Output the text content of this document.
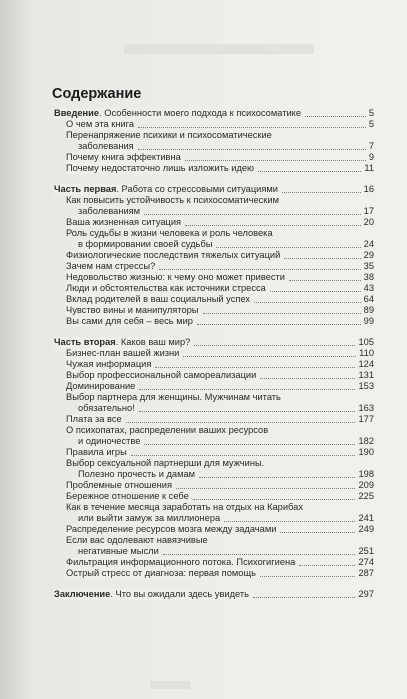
Содержание
Введение. Особенности моего подхода к психосоматике	5
О чем эта книга	5
Перенапряжение психики и психосоматические
заболевания	7
Почему книга эффективна	9
Почему недостаточно лишь изложить идею	11
Часть первая. Работа со стрессовыми ситуациями	16
Как повысить устойчивость к психосоматическим
заболеваниям	17
Ваша жизненная ситуация	20
Роль судьбы в жизни человека и роль человека
в формировании своей судьбы	24
Физиологические последствия тяжелых ситуаций	29
Зачем нам стрессы?	35
Недовольство жизнью: к чему оно может привести	38
Люди и обстоятельства как источники стресса	43
Вклад родителей в ваш социальный успех	64
Чувство вины и манипуляторы	89
Вы сами для себя – весь мир	99
Часть вторая. Каков ваш мир?	105
Бизнес-план вашей жизни	110
Чужая информация	124
Выбор профессиональной самореализации	131
Доминирование	153
Выбор партнера для женщины. Мужчинам читать
обязательно!	163
Плата за все	177
О психопатах, распределении ваших ресурсов
и одиночестве	182
Правила игры	190
Выбор сексуальной партнерши для мужчины.
Полезно прочесть и дамам	198
Проблемные отношения	209
Бережное отношение к себе	225
Как в течение месяца заработать на отдых на Карибах
или выйти замуж за миллионера	241
Распределение ресурсов мозга между задачами	249
Если вас одолевают навязчивые
негативные мысли	251
Фильтрация информационного потока. Психогигиена	274
Острый стресс от диагноза: первая помощь	287
Заключение. Что вы ожидали здесь увидеть	297
